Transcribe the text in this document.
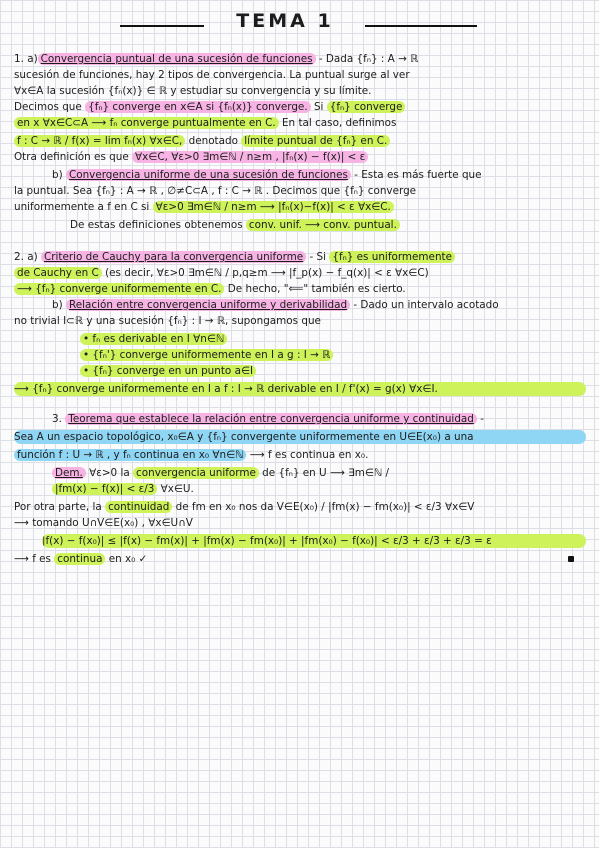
TEMA 1
1. a) Convergencia puntual de una sucesión de funciones - Dada {fₙ} : A → ℝ
sucesión de funciones, hay 2 tipos de convergencia. La puntual surge al ver
∀x∈A la sucesión {fₙ(x)} ∈ ℝ y estudiar su convergencia y su límite.
Decimos que {fₙ} converge en x∈A si {fₙ(x)} converge. Si {fₙ} converge
en x ∀x∈C⊂A ⟶ fₙ converge puntualmente en C. En tal caso, definimos
f : C → ℝ / f(x) = lim fₙ(x) ∀x∈C, denotado límite puntual de {fₙ} en C.
Otra definición es que ∀x∈C, ∀ε>0 ∃m∈ℕ / n≥m , |fₙ(x) − f(x)| < ε
b) Convergencia uniforme de una sucesión de funciones - Esta es más fuerte que
la puntual. Sea {fₙ} : A → ℝ , ∅≠C⊂A , f : C → ℝ . Decimos que {fₙ} converge
uniformemente a f en C si ∀ε>0 ∃m∈ℕ / n≥m ⟶ |fₙ(x)−f(x)| < ε ∀x∈C.
De estas definiciones obtenemos conv. unif. ⟶ conv. puntual.
2. a) Criterio de Cauchy para la convergencia uniforme - Si {fₙ} es uniformemente
de Cauchy en C (es decir, ∀ε>0 ∃m∈ℕ / p,q≥m ⟶ |f_p(x) − f_q(x)| < ε ∀x∈C)
⟶ {fₙ} converge uniformemente en C. De hecho, "⟸" también es cierto.
b) Relación entre convergencia uniforme y derivabilidad - Dado un intervalo acotado
no trivial I⊂ℝ y una sucesión {fₙ} : I → ℝ, supongamos que
• fₙ es derivable en I ∀n∈ℕ
• {fₙ'} converge uniformemente en I a g : I → ℝ
• {fₙ} converge en un punto a∈I
⟶ {fₙ} converge uniformemente en I a f : I → ℝ derivable en I / f'(x) = g(x) ∀x∈I.
3. Teorema que establece la relación entre convergencia uniforme y continuidad -
Sea A un espacio topológico, x₀∈A y {fₙ} convergente uniformemente en U∈E(x₀) a una
función f : U → ℝ , y fₙ continua en x₀ ∀n∈ℕ ⟶ f es continua en x₀.
Dem. ∀ε>0 la convergencia uniforme de {fₙ} en U ⟶ ∃m∈ℕ /
|fm(x) − f(x)| < ε/3 ∀x∈U.
Por otra parte, la continuidad de fm en x₀ nos da V∈E(x₀) / |fm(x) − fm(x₀)| < ε/3 ∀x∈V
⟶ tomando U∩V∈E(x₀) , ∀x∈U∩V
|f(x) − f(x₀)| ≤ |f(x) − fm(x)| + |fm(x) − fm(x₀)| + |fm(x₀) − f(x₀)| < ε/3 + ε/3 + ε/3 = ε
⟶ f es continua en x₀ ✓
